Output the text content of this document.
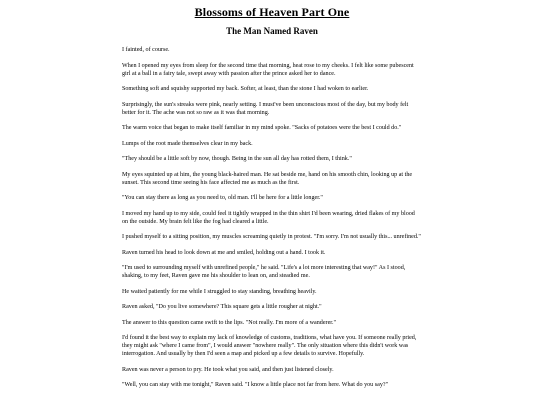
Blossoms of Heaven Part One
The Man Named Raven

I fainted, of course.

When I opened my eyes from sleep for the second time that morning, heat rose to my cheeks. I felt like some pubescent girl at a ball in a fairy tale, swept away with passion after the prince asked her to dance.

Something soft and squishy supported my back. Softer, at least, than the stone I had woken to earlier.

Surprisingly, the sun's streaks were pink, nearly setting. I must've been unconscious most of the day, but my body felt better for it. The ache was not so raw as it was that morning.

The warm voice that began to make itself familiar in my mind spoke. "Sacks of potatoes were the best I could do."

Lumps of the root made themselves clear in my back.

"They should be a little soft by now, though. Being in the sun all day has rotted them, I think."

My eyes squinted up at him, the young black-haired man. He sat beside me, hand on his smooth chin, looking up at the sunset. This second time seeing his face affected me as much as the first.

"You can stay there as long as you need to, old man. I'll be here for a little longer."

I moved my hand up to my side, could feel it tightly wrapped in the thin shirt I'd been wearing, dried flakes of my blood on the outside. My brain felt like the fog had cleared a little.

I pushed myself to a sitting position, my muscles screaming quietly in protest. "I'm sorry. I'm not usually this... unrefined."

Raven turned his head to look down at me and smiled, holding out a hand. I took it.

"I'm used to surrounding myself with unrefined people," he said. "Life's a lot more interesting that way!" As I stood, shaking, to my feet, Raven gave me his shoulder to lean on, and steadied me.

He waited patiently for me while I struggled to stay standing, breathing heavily.

Raven asked, "Do you live somewhere? This square gets a little rougher at night."

The answer to this question came swift to the lips. "Not really. I'm more of a wanderer."

I'd found it the best way to explain my lack of knowledge of customs, traditions, what have you. If someone really pried, they might ask "where I came from", I would answer "nowhere really". The only situation where this didn't work was interrogation. And usually by then I'd seen a map and picked up a few details to survive. Hopefully.

Raven was never a person to pry. He took what you said, and then just listened closely.

"Well, you can stay with me tonight," Raven said. "I know a little place not far from here. What do you say?"
